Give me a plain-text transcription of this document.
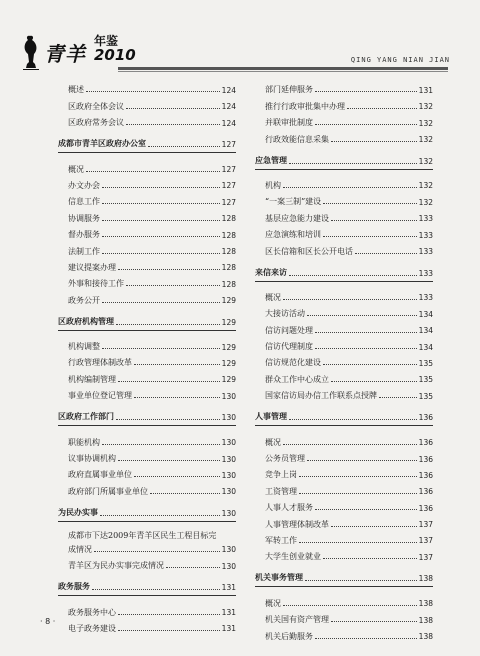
青羊
年鉴
2010	QING YANG NIAN JIAN
概述	124
区政府全体会议	124
区政府常务会议	124
成都市青羊区政府办公室	127
概况	127
办文办会	127
信息工作	127
协调服务	128
督办服务	128
法制工作	128
建议提案办理	128
外事和接待工作	128
政务公开	129
区政府机构管理	129
机构调整	129
行政管理体制改革	129
机构编制管理	129
事业单位登记管理	130
区政府工作部门	130
职能机构	130
议事协调机构	130
政府直属事业单位	130
政府部门所属事业单位	130
为民办实事	130
成都市下达2009年青羊区民生工程目标完
成情况	130
青羊区为民办实事完成情况	130
政务服务	131
政务服务中心	131
电子政务建设	131
部门延伸服务	131
推行行政审批集中办理	132
并联审批制度	132
行政效能信息采集	132
应急管理	132
机构	132
“一案三制”建设	132
基层应急能力建设	133
应急演练和培训	133
区长信箱和区长公开电话	133
来信来访	133
概况	133
大接访活动	134
信访问题处理	134
信访代理制度	134
信访规范化建设	135
群众工作中心成立	135
国家信访局办信工作联系点授牌	135
人事管理	136
概况	136
公务员管理	136
竞争上岗	136
工资管理	136
人事人才服务	136
人事管理体制改革	137
军转工作	137
大学生创业就业	137
机关事务管理	138
概况	138
机关国有资产管理	138
机关后勤服务	138
· 8 ·
